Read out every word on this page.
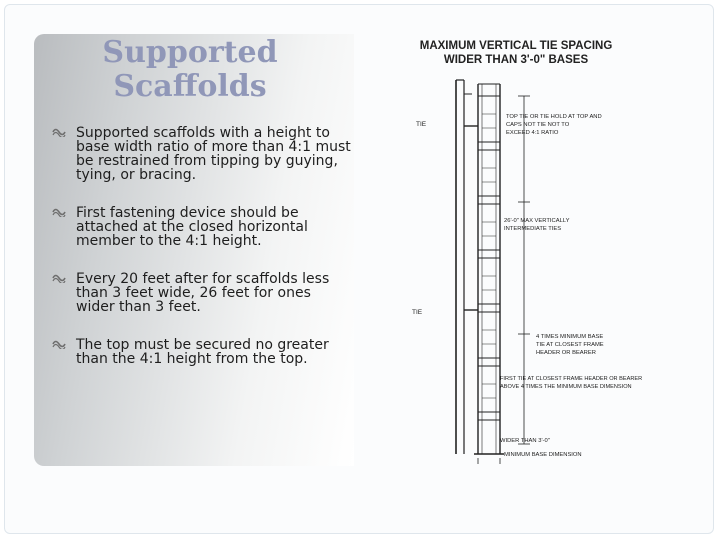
Supported
Scaffolds
Supported scaffolds with a height to base width ratio of more than 4:1 must be restrained from tipping by guying, tying, or bracing.
First fastening device should be attached at the closed horizontal member to the 4:1 height.
Every 20 feet after for scaffolds less than 3 feet wide, 26 feet for ones wider than 3 feet.
The top must be secured no greater than the 4:1 height from the top.
MAXIMUM VERTICAL TIE SPACING
WIDER THAN 3'-0" BASES
TIE
TIE
TOP TIE OR TIE HOLD AT TOP AND
CAPS NOT TIE NOT TO
EXCEED 4:1 RATIO
26'-0" MAX VERTICALLY
INTERMEDIATE TIES
4 TIMES MINIMUM BASE
TIE AT CLOSEST FRAME
HEADER OR BEARER
FIRST TIE AT CLOSEST FRAME HEADER OR BEARER
ABOVE 4 TIMES THE MINIMUM BASE DIMENSION
WIDER THAN 3'-0"
MINIMUM BASE DIMENSION
